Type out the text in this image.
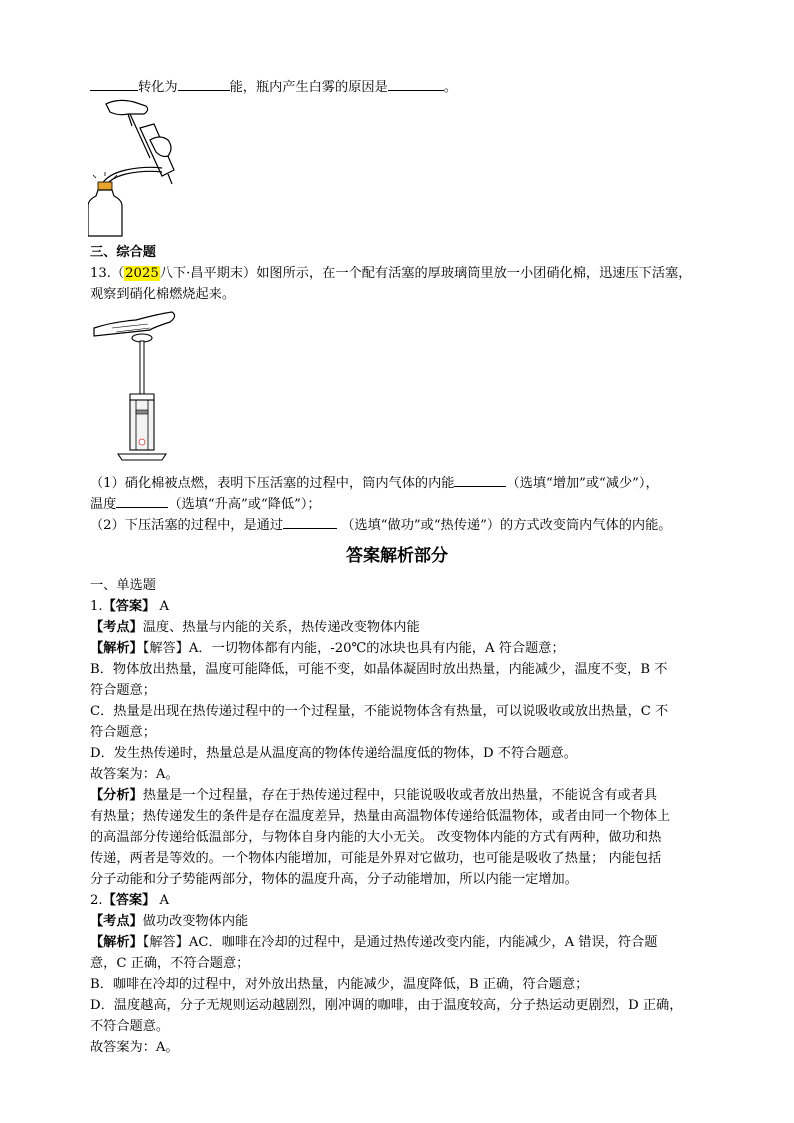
转化为	能，瓶内产生白雾的原因是	。
三、综合题
13.（2025八下·昌平期末）如图所示，在一个配有活塞的厚玻璃筒里放一小团硝化棉，迅速压下活塞，
观察到硝化棉燃烧起来。
（1）硝化棉被点燃，表明下压活塞的过程中，筒内气体的内能	（选填“增加”或“减少”），
温度	（选填“升高”或“降低”）；
（2）下压活塞的过程中，是通过	（选填“做功”或“热传递”）的方式改变筒内气体的内能。
答案解析部分
一、单选题
1.【答案】 A
【考点】温度、热量与内能的关系，热传递改变物体内能
【解析】【解答】A．一切物体都有内能，-20℃的冰块也具有内能，A 符合题意；
B．物体放出热量，温度可能降低，可能不变，如晶体凝固时放出热量，内能减少，温度不变，B 不
符合题意；
C．热量是出现在热传递过程中的一个过程量，不能说物体含有热量，可以说吸收或放出热量，C 不
符合题意；
D．发生热传递时，热量总是从温度高的物体传递给温度低的物体，D 不符合题意。
故答案为：A。
【分析】热量是一个过程量，存在于热传递过程中，只能说吸收或者放出热量，不能说含有或者具
有热量；热传递发生的条件是存在温度差异，热量由高温物体传递给低温物体，或者由同一个物体上
的高温部分传递给低温部分，与物体自身内能的大小无关。 改变物体内能的方式有两种，做功和热
传递，两者是等效的。一个物体内能增加，可能是外界对它做功，也可能是吸收了热量； 内能包括
分子动能和分子势能两部分，物体的温度升高，分子动能增加，所以内能一定增加。
2.【答案】 A
【考点】做功改变物体内能
【解析】【解答】AC．咖啡在冷却的过程中，是通过热传递改变内能，内能减少，A 错误，符合题
意，C 正确，不符合题意；
B．咖啡在冷却的过程中，对外放出热量，内能减少，温度降低，B 正确，符合题意；
D．温度越高，分子无规则运动越剧烈，刚冲调的咖啡，由于温度较高，分子热运动更剧烈，D 正确，
不符合题意。
故答案为：A。
